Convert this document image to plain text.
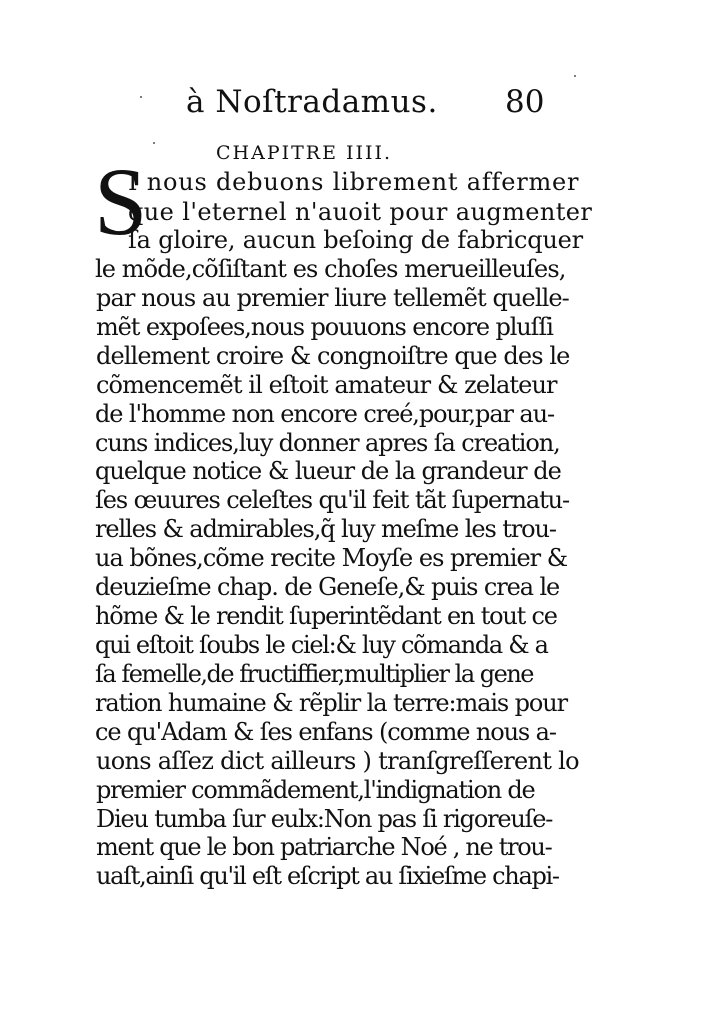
à Noſtradamus. 80
CHAPITRE IIII.
S
I nous debuons librement affermer
que l'eternel n'auoit pour augmenter
ſa gloire, aucun beſoing de fabricquer
le mõde,cõſiſtant es choſes merueilleuſes,
par nous au premier liure tellemẽt quelle-
mẽt expoſees,nous pouuons encore pluſſi
dellement croire & congnoiſtre que des le
cõmencemẽt il eſtoit amateur & zelateur
de l'homme non encore creé,pour,par au-
cuns indices,luy donner apres ſa creation,
quelque notice & lueur de la grandeur de
ſes œuures celeſtes qu'il feit tãt ſupernatu-
relles & admirables,q̃ luy meſme les trou-
ua bõnes,cõme recite Moyſe es premier &
deuzieſme chap. de Geneſe,& puis crea le
hõme & le rendit ſuperintẽdant en tout ce
qui eſtoit ſoubs le ciel:& luy cõmanda & a
ſa femelle,de fructiffier,multiplier la gene
ration humaine & rẽplir la terre:mais pour
ce qu'Adam & ſes enfans (comme nous a-
uons aſſez dict ailleurs ) tranſgreſſerent lo
premier commãdement,l'indignation de
Dieu tumba ſur eulx:Non pas ſi rigoreuſe-
ment que le bon patriarche Noé , ne trou-
uaſt,ainſi qu'il eſt eſcript au ſixieſme chapi-
